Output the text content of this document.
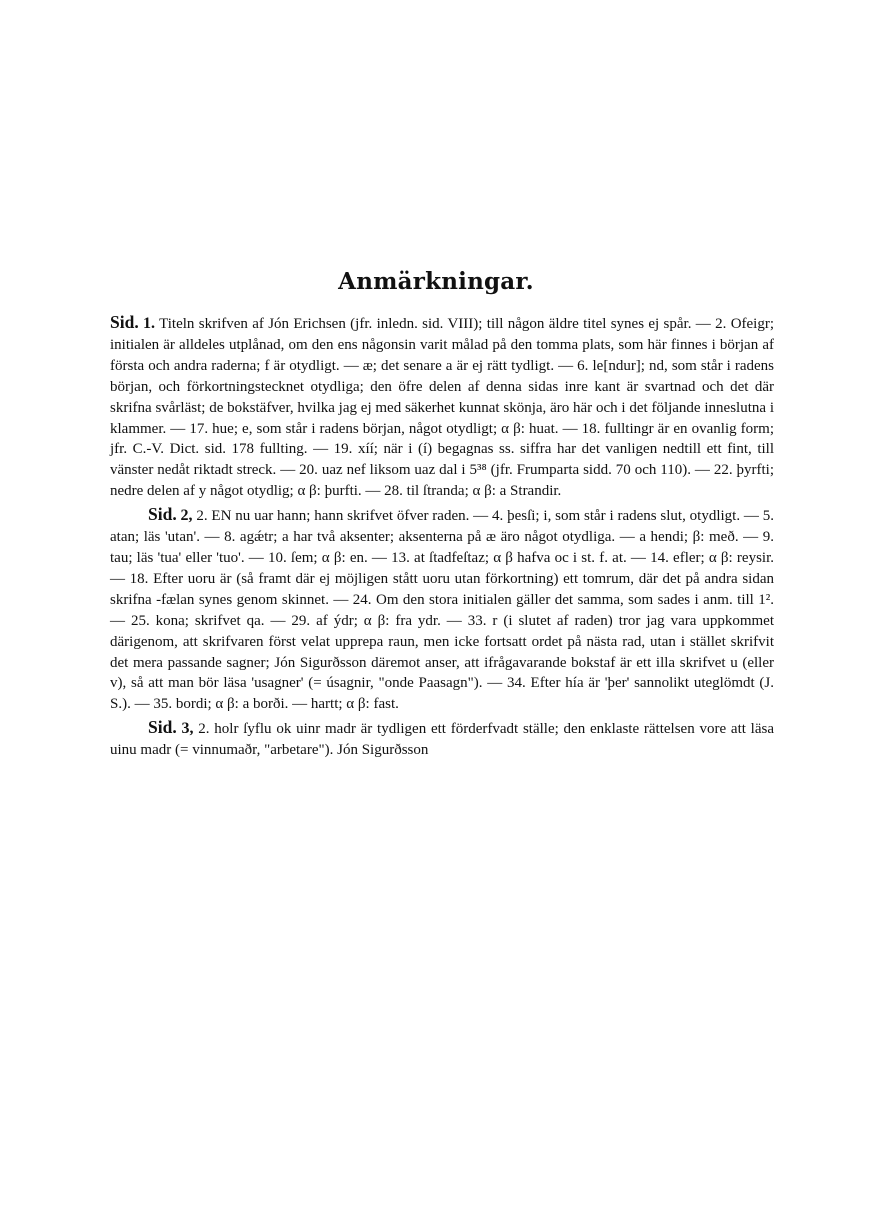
Anmärkningar.

Sid. 1. Titeln skrifven af Jón Erichsen (jfr. inledn. sid. VIII); till någon äldre titel synes ej spår. — 2. Ofeigr; initialen är alldeles utplånad, om den ens någonsin varit målad på den tomma plats, som här finnes i början af första och andra raderna; f är otydligt. — æ; det senare a är ej rätt tydligt. — 6. le[ndur]; nd, som står i radens början, och förkortningstecknet otydliga; den öfre delen af denna sidas inre kant är svartnad och det där skrifna svårläst; de bokstäfver, hvilka jag ej med säkerhet kunnat skönja, äro här och i det följande inneslutna i klammer. — 17. hue; e, som står i radens början, något otydligt; α β: huat. — 18. fulltingr är en ovanlig form; jfr. C.-V. Dict. sid. 178 fullting. — 19. xíí; när i (í) begagnas ss. siffra har det vanligen nedtill ett fint, till vänster nedåt riktadt streck. — 20. uaz nef liksom uaz dal i 5³⁸ (jfr. Frumparta sidd. 70 och 110). — 22. þyrfti; nedre delen af y något otydlig; α β: þurfti. — 28. til ſtranda; α β: a Strandir.

Sid. 2, 2. EN nu uar hann; hann skrifvet öfver raden. — 4. þesſi; i, som står i radens slut, otydligt. — 5. atan; läs 'utan'. — 8. agǽtr; a har två aksenter; aksenterna på æ äro något otydliga. — a hendi; β: með. — 9. tau; läs 'tua' eller 'tuo'. — 10. ſem; α β: en. — 13. at ſtadfeſtaz; α β hafva oc i st. f. at. — 14. efler; α β: reysir. — 18. Efter uoru är (så framt där ej möjligen stått uoru utan förkortning) ett tomrum, där det på andra sidan skrifna -fælan synes genom skinnet. — 24. Om den stora initialen gäller det samma, som sades i anm. till 1². — 25. kona; skrifvet qa. — 29. af ýdr; α β: fra ydr. — 33. r (i slutet af raden) tror jag vara uppkommet därigenom, att skrifvaren först velat upprepa raun, men icke fortsatt ordet på nästa rad, utan i stället skrifvit det mera passande sagner; Jón Sigurðsson däremot anser, att ifrågavarande bokstaf är ett illa skrifvet u (eller v), så att man bör läsa 'usagner' (= úsagnir, "onde Paasagn"). — 34. Efter hía är 'þer' sannolikt uteglömdt (J. S.). — 35. bordi; α β: a borði. — hartt; α β: fast.

Sid. 3, 2. holr ſyflu ok uinr madr är tydligen ett förderfvadt ställe; den enklaste rättelsen vore att läsa uinu madr (= vinnumaðr, "arbetare"). Jón Sigurðsson
